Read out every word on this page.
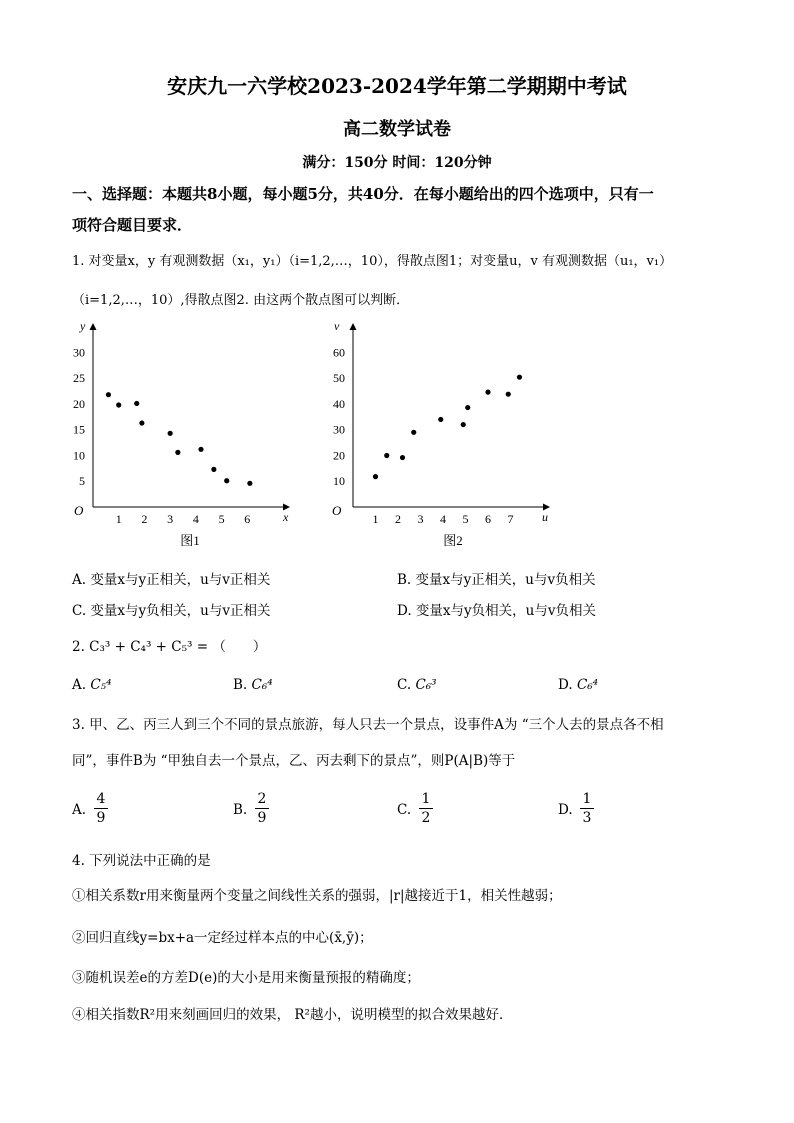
安庆九一六学校2023-2024学年第二学期期中考试
高二数学试卷
满分：150分 时间：120分钟
一、选择题：本题共8小题，每小题5分，共40分．在每小题给出的四个选项中，只有一
项符合题目要求．
1. 对变量x，y 有观测数据（x₁，y₁）（i=1,2,…，10），得散点图1；对变量u，v 有观测数据（u₁，v₁）
（i=1,2,…，10）,得散点图2. 由这两个散点图可以判断．
y
x
O
5
10
15
20
25
30
1 2 3 4 5 6
图1
v
u
O
10
20
30
40
50
60
1 2 3 4 5 6 7
图2
A. 变量x与y正相关，u与v正相关	B. 变量x与y正相关，u与v负相关
C. 变量x与y负相关，u与v正相关	D. 变量x与y负相关，u与v负相关
2. C₃³ + C₄³ + C₅³ = （　　）
A. C₅⁴	B. C₆⁴	C. C₆³	D. C₆⁴
3. 甲、乙、丙三人到三个不同的景点旅游，每人只去一个景点，设事件A为 “三个人去的景点各不相
同”，事件B为 “甲独自去一个景点，乙、丙去剩下的景点”，则P(A|B)等于
A. $\frac{4}{9}$	B. $\frac{2}{9}$	C. $\frac{1}{2}$	D. $\frac{1}{3}$
4. 下列说法中正确的是
①相关系数r用来衡量两个变量之间线性关系的强弱，|r|越接近于1，相关性越弱；
②回归直线y=bx+a一定经过样本点的中心(x̄,ȳ)；
③随机误差e的方差D(e)的大小是用来衡量预报的精确度；
④相关指数R²用来刻画回归的效果， R²越小，说明模型的拟合效果越好．
